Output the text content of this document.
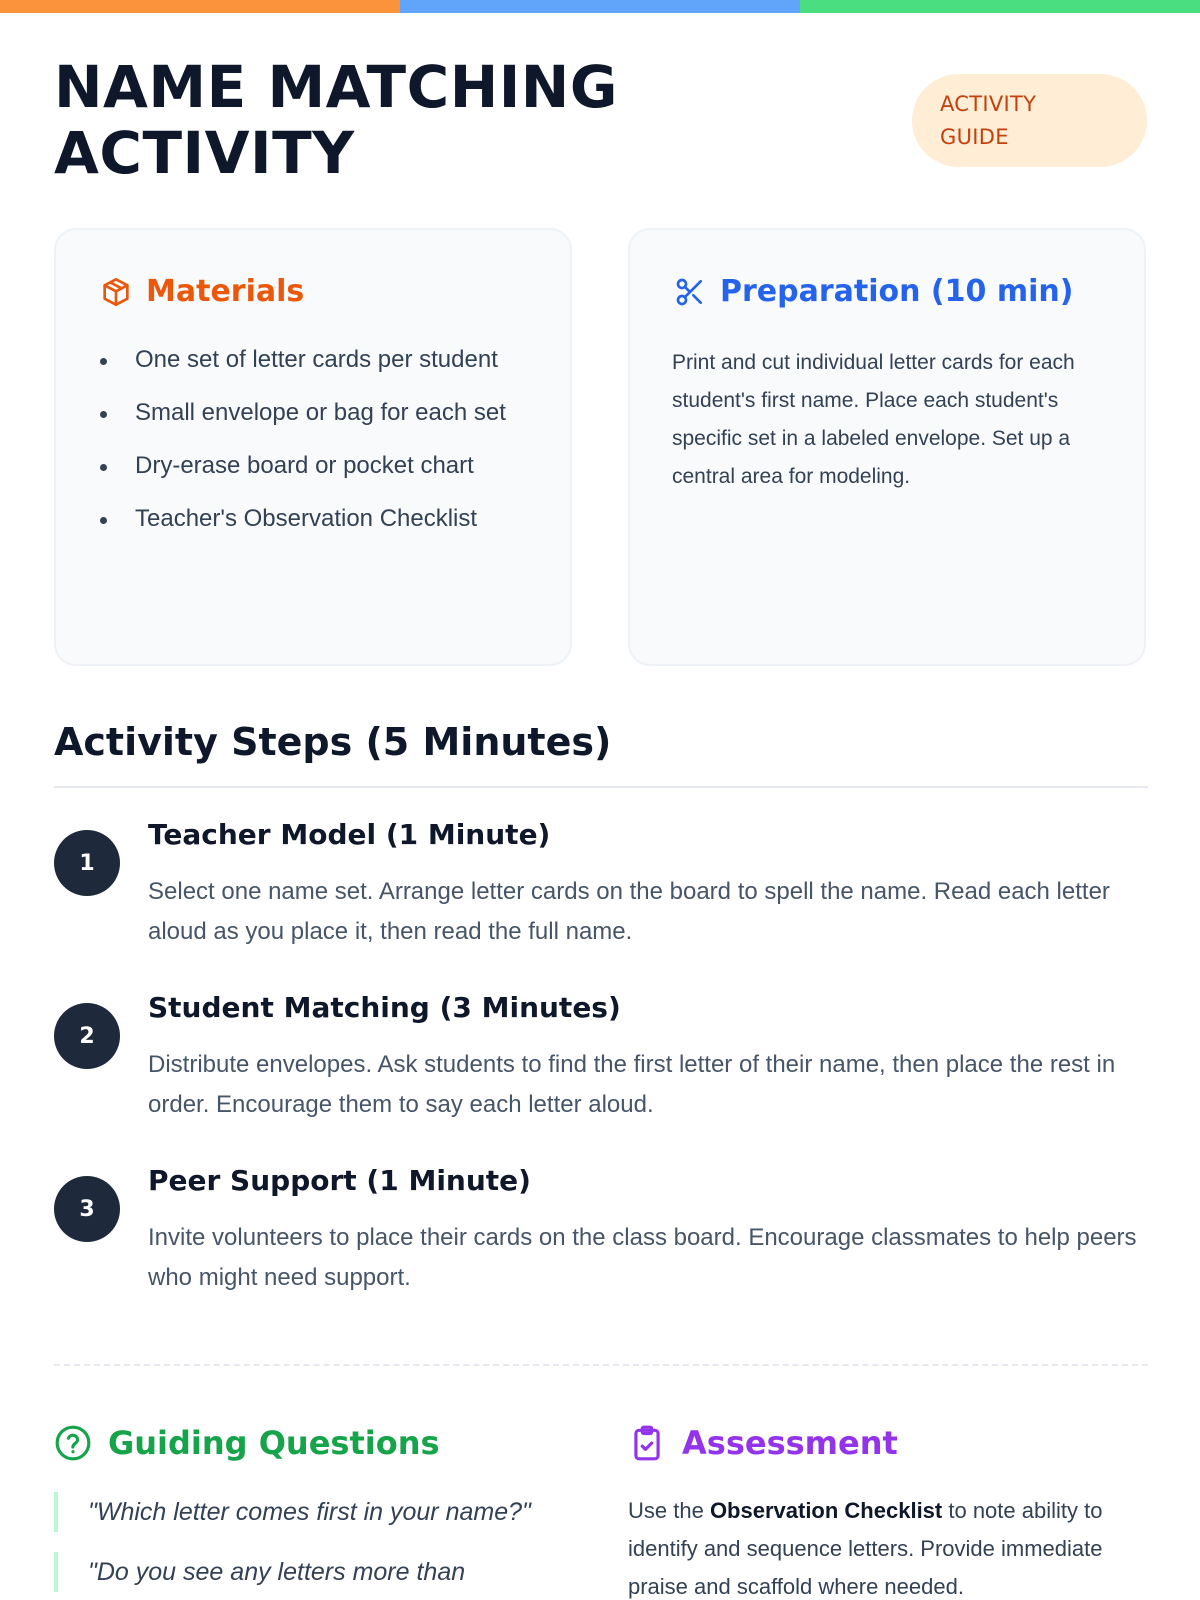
NAME MATCHING
ACTIVITY
ACTIVITY
GUIDE
Materials
One set of letter cards per student
Small envelope or bag for each set
Dry-erase board or pocket chart
Teacher's Observation Checklist
Preparation (10 min)

Print and cut individual letter cards for each student's first name. Place each student's specific set in a labeled envelope. Set up a central area for modeling.

Activity Steps (5 Minutes)
1
Teacher Model (1 Minute)

Select one name set. Arrange letter cards on the board to spell the name. Read each letter aloud as you place it, then read the full name.

2
Student Matching (3 Minutes)

Distribute envelopes. Ask students to find the first letter of their name, then place the rest in order. Encourage them to say each letter aloud.

3
Peer Support (1 Minute)

Invite volunteers to place their cards on the class board. Encourage classmates to help peers who might need support.

Guiding Questions
"Which letter comes first in your name?"
"Do you see any letters more than
Assessment

Use the Observation Checklist to note ability to identify and sequence letters. Provide immediate praise and scaffold where needed.
